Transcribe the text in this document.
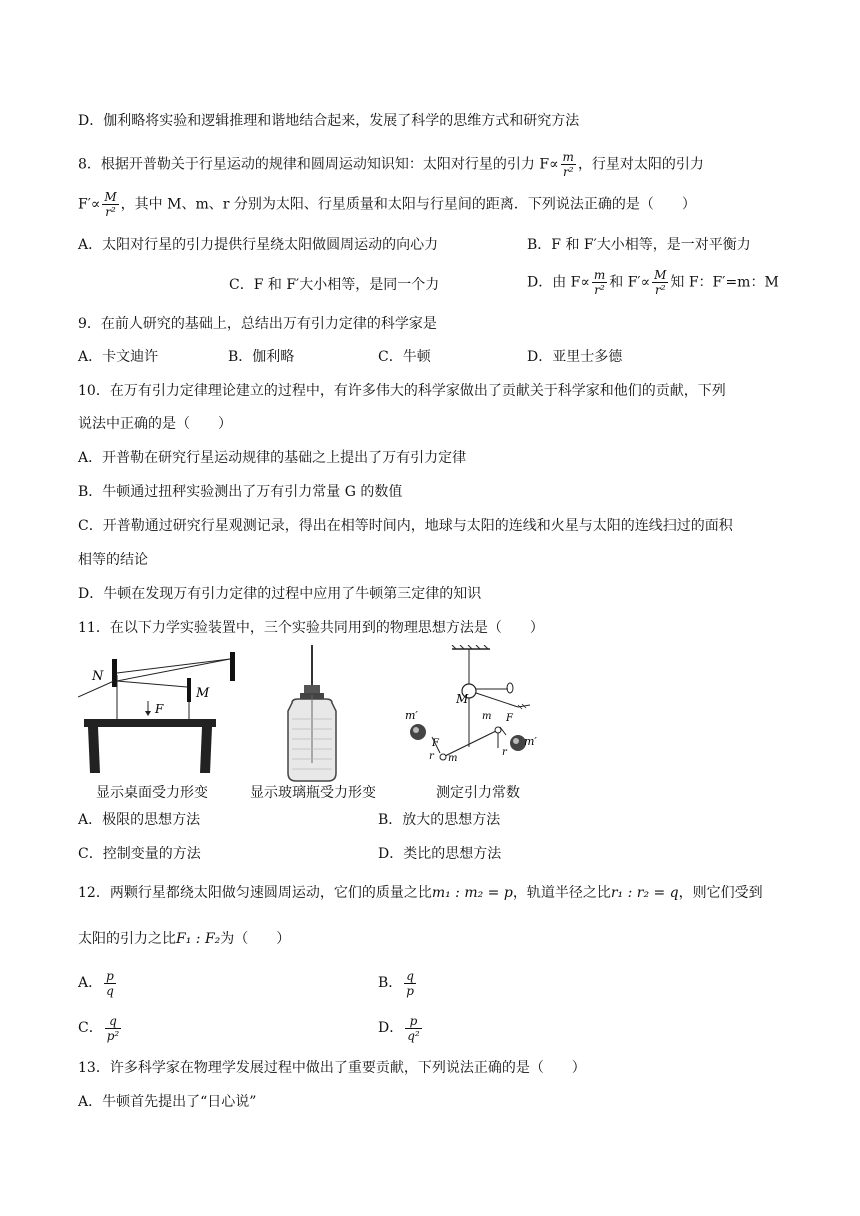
D．伽利略将实验和逻辑推理和谐地结合起来，发展了科学的思维方式和研究方法
8．根据开普勒关于行星运动的规律和圆周运动知识知：太阳对行星的引力 $F\propto \frac{m}{\text{r²}}$ ，行星对太阳的引力
$F'\propto \frac{M}{\text{r²}}$ ，其中 M、m、r 分别为太阳、行星质量和太阳与行星间的距离．下列说法正确的是（　　）
A．太阳对行星的引力提供行星绕太阳做圆周运动的向心力	B．F 和 F′大小相等，是一对平衡力
C．F 和 F′大小相等，是同一个力	D．由 $F\propto \frac{m}{\text{r²}}$ 和 $F'\propto \frac{M}{\text{r²}}$ 知 F：F′=m：M
9．在前人研究的基础上，总结出万有引力定律的科学家是
A．卡文迪许	B．伽利略	C．牛顿	D．亚里士多德
10．在万有引力定律理论建立的过程中，有许多伟大的科学家做出了贡献关于科学家和他们的贡献，下列
说法中正确的是（　　）
A．开普勒在研究行星运动规律的基础之上提出了万有引力定律
B．牛顿通过扭秤实验测出了万有引力常量 G 的数值
C．开普勒通过研究行星观测记录，得出在相等时间内，地球与太阳的连线和火星与太阳的连线扫过的面积
相等的结论
D．牛顿在发现万有引力定律的过程中应用了牛顿第三定律的知识
11．在以下力学实验装置中，三个实验共同用到的物理思想方法是（　　）
N
M
F	m′
M
m F
m′
F
r m
r
显示桌面受力形变	显示玻璃瓶受力形变	测定引力常数
A．极限的思想方法	B．放大的思想方法
C．控制变量的方法	D．类比的思想方法
12．两颗行星都绕太阳做匀速圆周运动，它们的质量之比m₁ : m₂ = p，轨道半径之比r₁ : r₂ = q，则它们受到
太阳的引力之比F₁ : F₂为（　　）
A． $\frac{p}{q}$	B． $\frac{q}{p}$
C． $\frac{q}{\text{p²}}$	D． $\frac{p}{\text{q²}}$
13．许多科学家在物理学发展过程中做出了重要贡献，下列说法正确的是（　　）
A．牛顿首先提出了“日心说”
